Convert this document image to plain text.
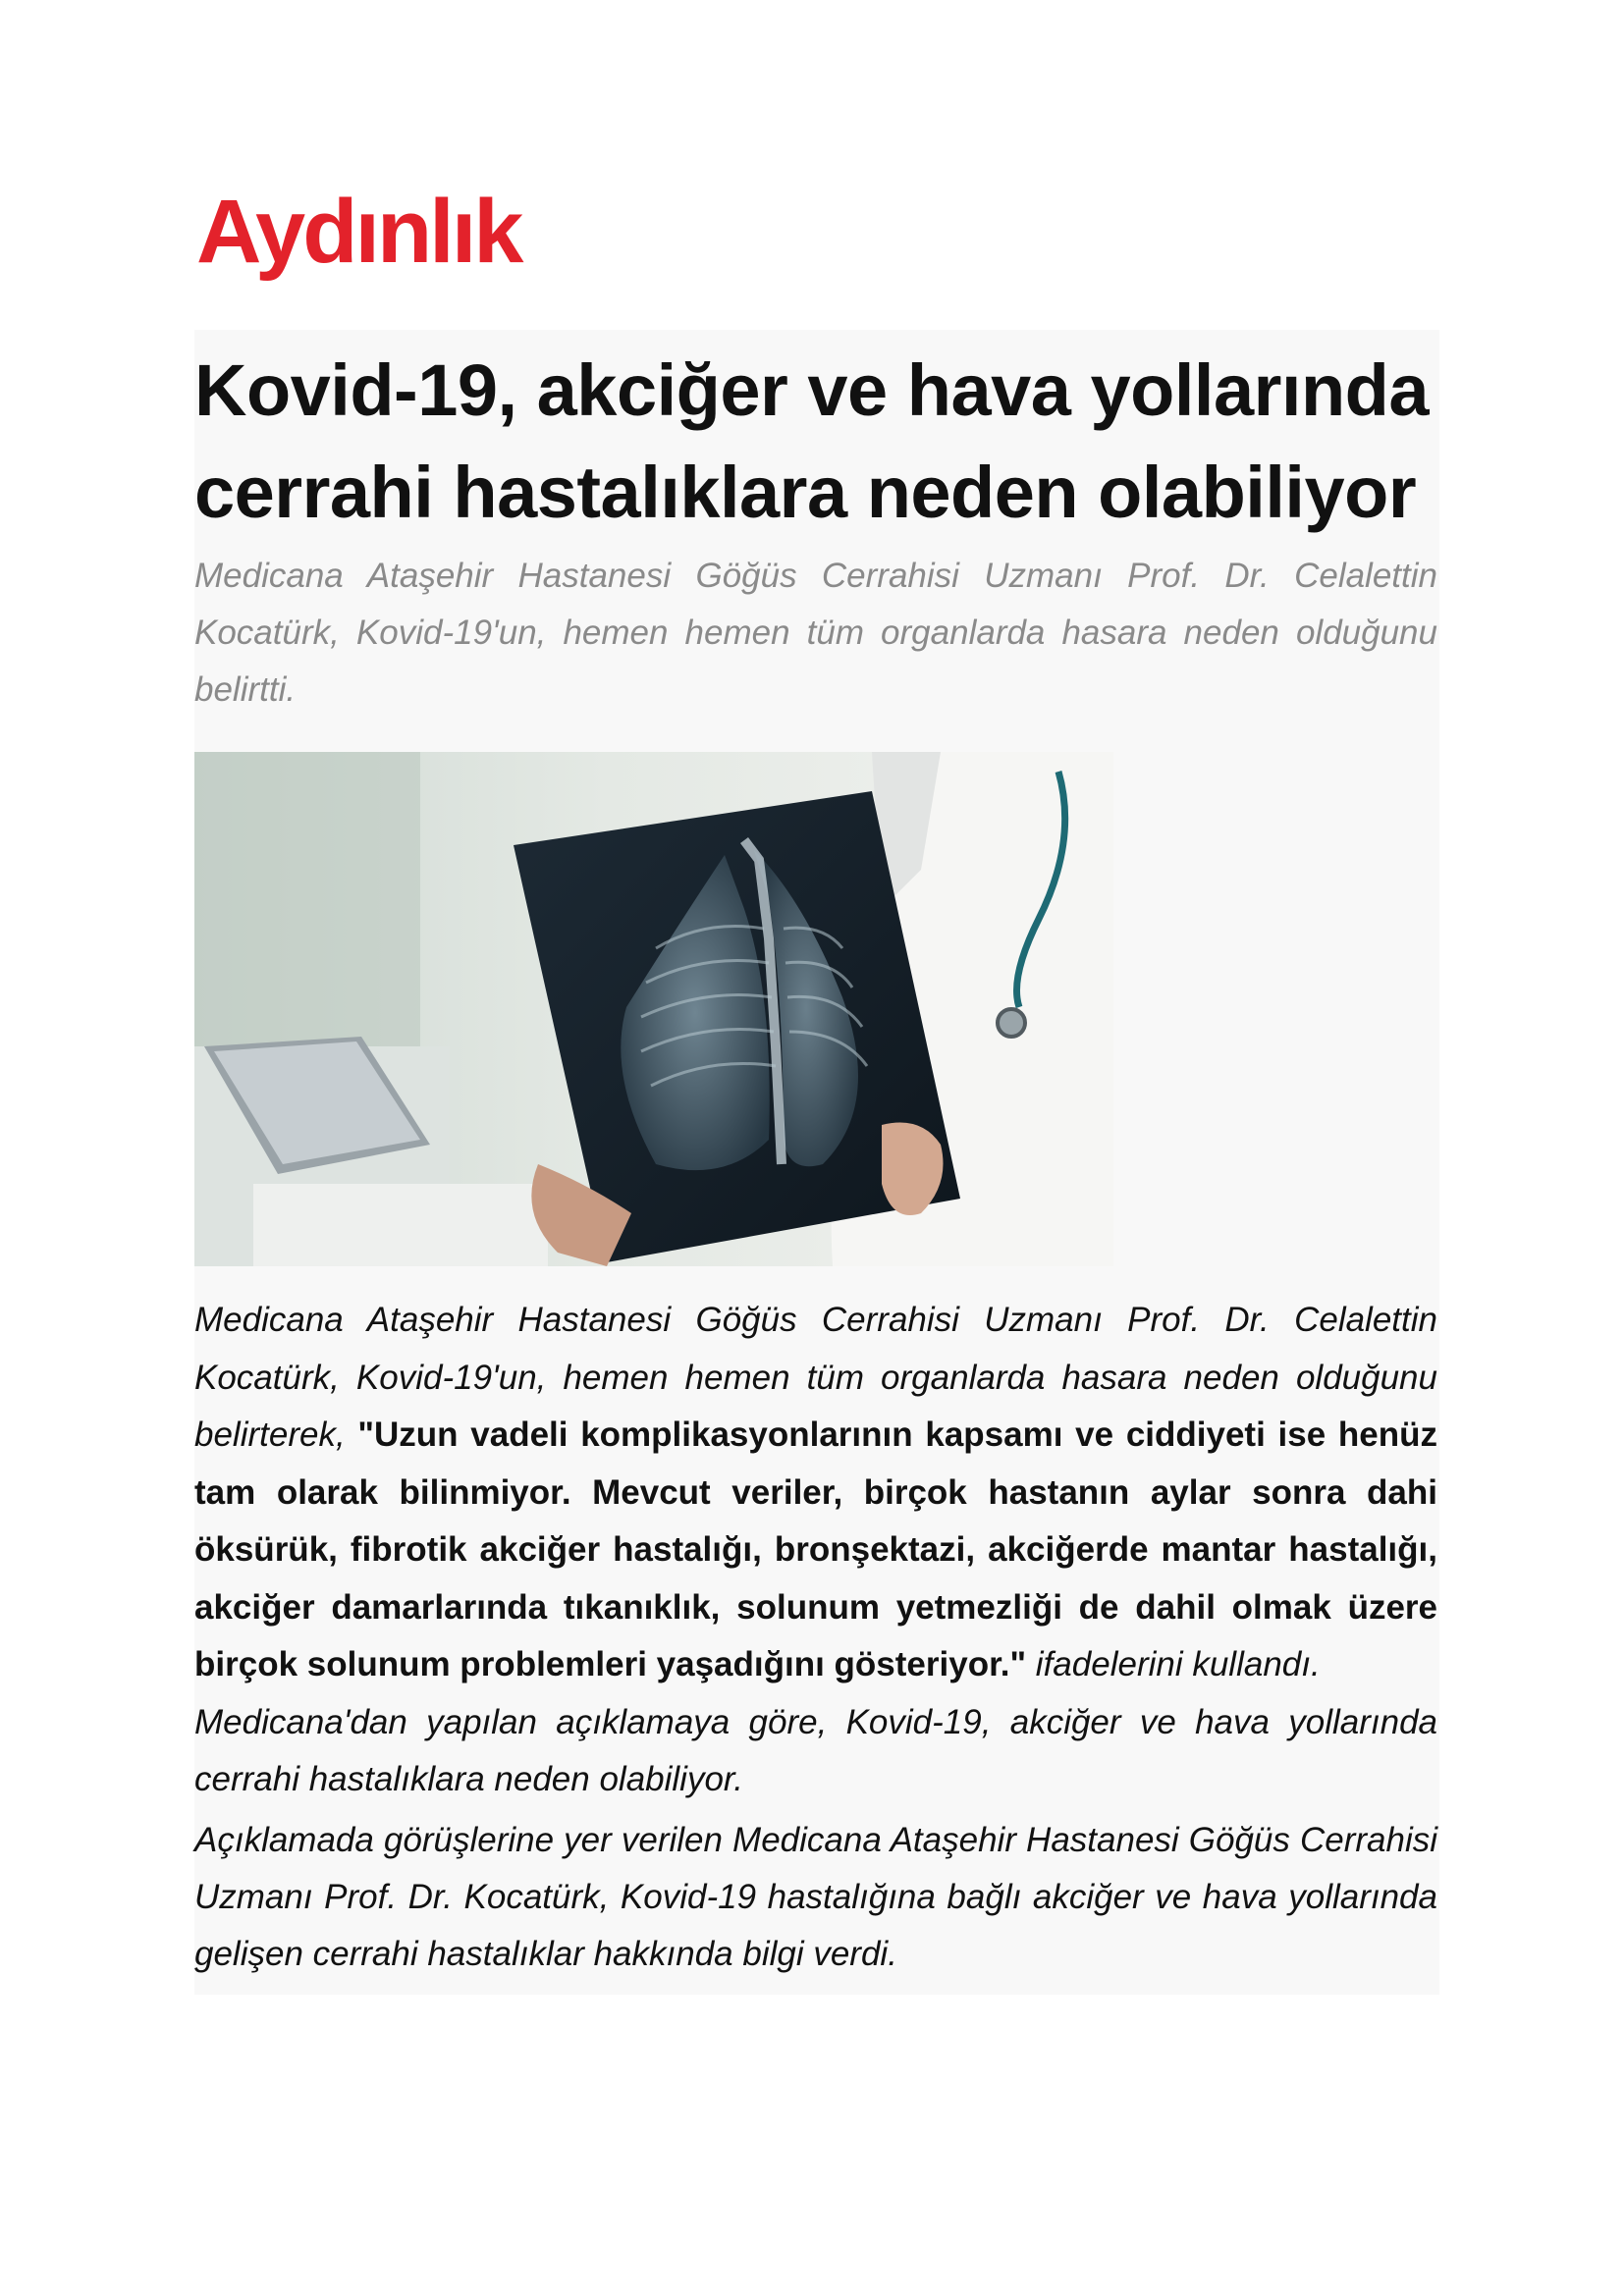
Aydınlık
Kovid-19, akciğer ve hava yollarında cerrahi hastalıklara neden olabiliyor

Medicana Ataşehir Hastanesi Göğüs Cerrahisi Uzmanı Prof. Dr. Celalettin Kocatürk, Kovid-19'un, hemen hemen tüm organlarda hasara neden olduğunu belirtti.

Medicana Ataşehir Hastanesi Göğüs Cerrahisi Uzmanı Prof. Dr. Celalettin Kocatürk, Kovid-19'un, hemen hemen tüm organlarda hasara neden olduğunu belirterek, "Uzun vadeli komplikasyonlarının kapsamı ve ciddiyeti ise henüz tam olarak bilinmiyor. Mevcut veriler, birçok hastanın aylar sonra dahi öksürük, fibrotik akciğer hastalığı, bronşektazi, akciğerde mantar hastalığı, akciğer damarlarında tıkanıklık, solunum yetmezliği de dahil olmak üzere birçok solunum problemleri yaşadığını gösteriyor." ifadelerini kullandı.

Medicana'dan yapılan açıklamaya göre, Kovid-19, akciğer ve hava yollarında cerrahi hastalıklara neden olabiliyor.

Açıklamada görüşlerine yer verilen Medicana Ataşehir Hastanesi Göğüs Cerrahisi Uzmanı Prof. Dr. Kocatürk, Kovid-19 hastalığına bağlı akciğer ve hava yollarında gelişen cerrahi hastalıklar hakkında bilgi verdi.
